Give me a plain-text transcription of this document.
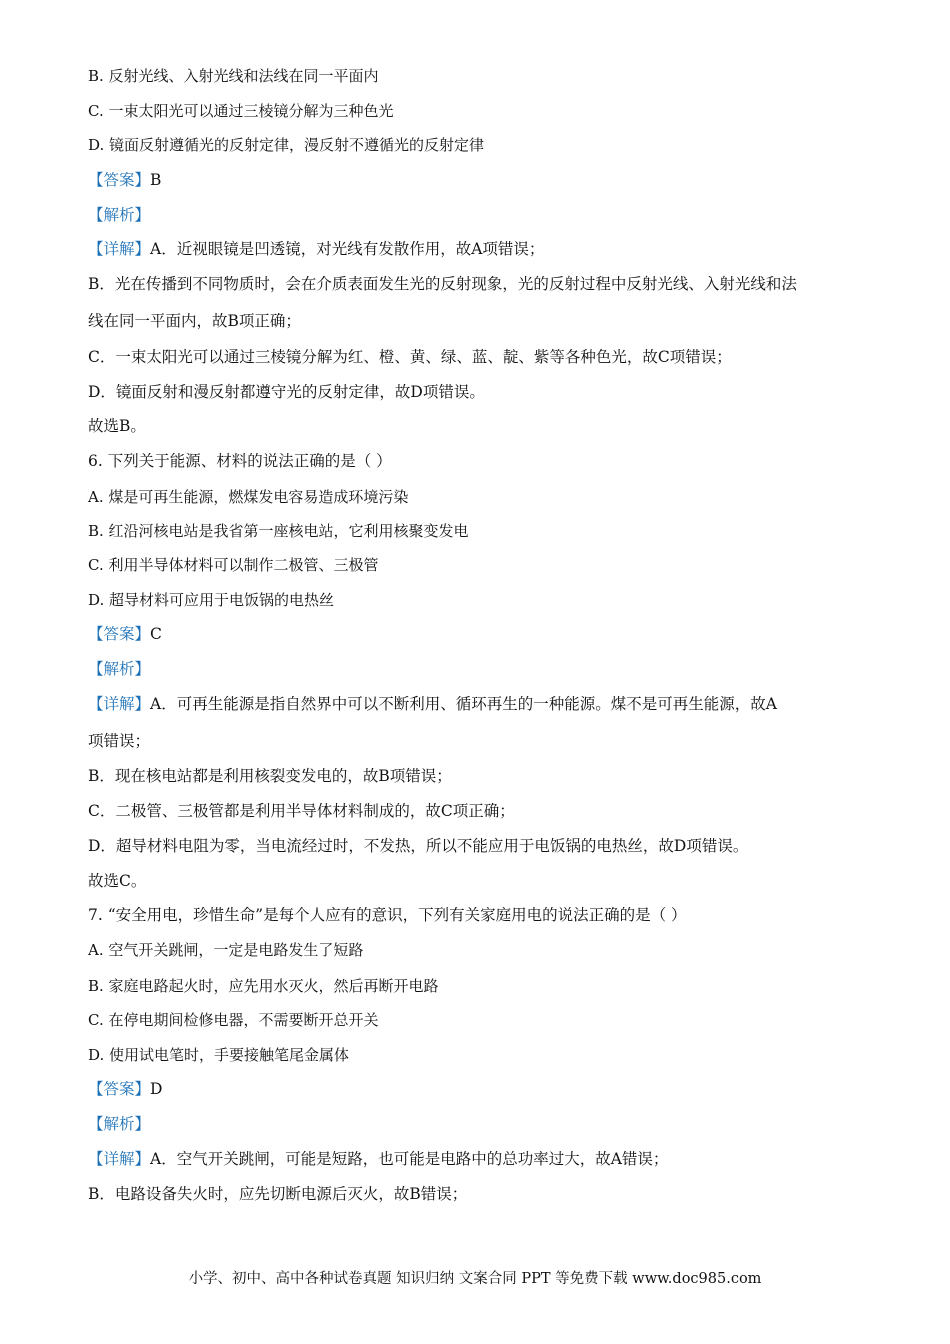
B. 反射光线、入射光线和法线在同一平面内
C. 一束太阳光可以通过三棱镜分解为三种色光
D. 镜面反射遵循光的反射定律，漫反射不遵循光的反射定律
【答案】B
【解析】
【详解】A．近视眼镜是凹透镜，对光线有发散作用，故A项错误；
B．光在传播到不同物质时，会在介质表面发生光的反射现象，光的反射过程中反射光线、入射光线和法
线在同一平面内，故B项正确；
C．一束太阳光可以通过三棱镜分解为红、橙、黄、绿、蓝、靛、紫等各种色光，故C项错误；
D．镜面反射和漫反射都遵守光的反射定律，故D项错误。
故选B。
6. 下列关于能源、材料的说法正确的是（ ）
A. 煤是可再生能源，燃煤发电容易造成环境污染
B. 红沿河核电站是我省第一座核电站，它利用核聚变发电
C. 利用半导体材料可以制作二极管、三极管
D. 超导材料可应用于电饭锅的电热丝
【答案】C
【解析】
【详解】A．可再生能源是指自然界中可以不断利用、循环再生的一种能源。煤不是可再生能源，故A
项错误；
B．现在核电站都是利用核裂变发电的，故B项错误；
C．二极管、三极管都是利用半导体材料制成的，故C项正确；
D．超导材料电阻为零，当电流经过时，不发热，所以不能应用于电饭锅的电热丝，故D项错误。
故选C。
7. “安全用电，珍惜生命”是每个人应有的意识，下列有关家庭用电的说法正确的是（ ）
A. 空气开关跳闸，一定是电路发生了短路
B. 家庭电路起火时，应先用水灭火，然后再断开电路
C. 在停电期间检修电器，不需要断开总开关
D. 使用试电笔时，手要接触笔尾金属体
【答案】D
【解析】
【详解】A．空气开关跳闸，可能是短路，也可能是电路中的总功率过大，故A错误；
B．电路设备失火时，应先切断电源后灭火，故B错误；
小学、初中、高中各种试卷真题 知识归纳 文案合同 PPT 等免费下载 www.doc985.com
